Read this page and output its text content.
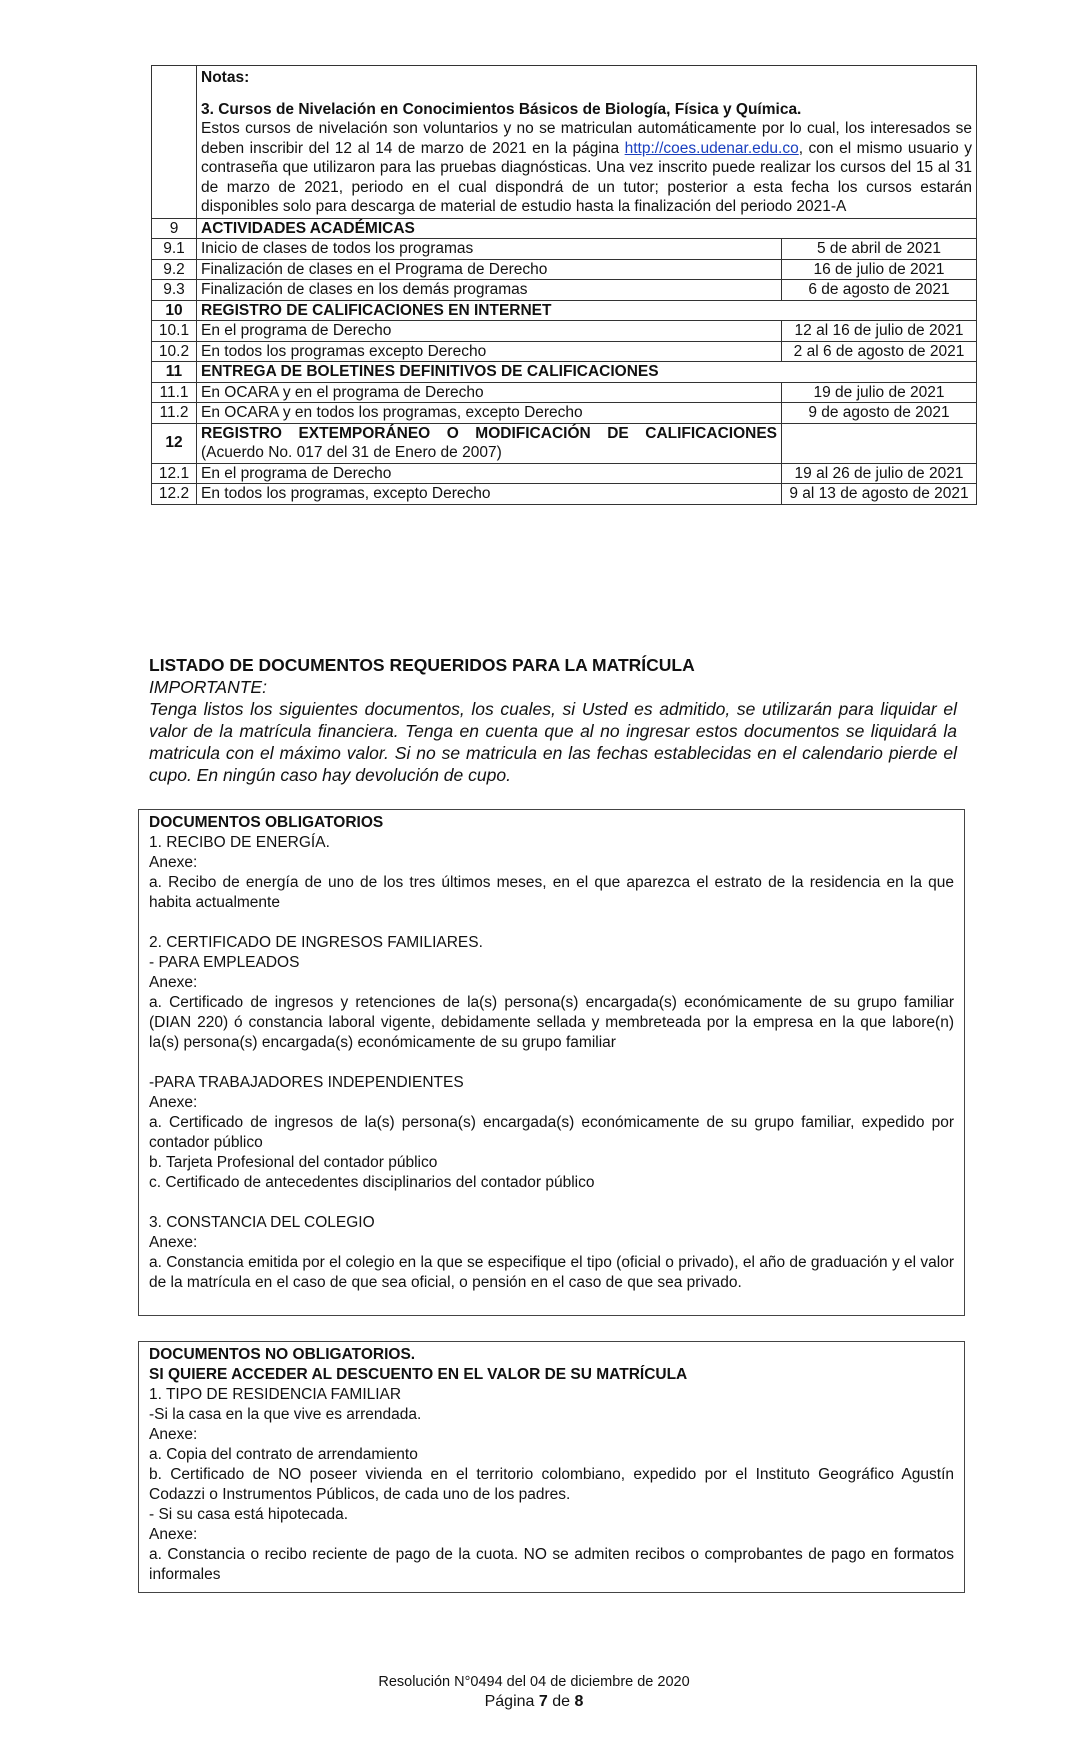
	Notas:
3. Cursos de Nivelación en Conocimientos Básicos de Biología, Física y Química.
Estos cursos de nivelación son voluntarios y no se matriculan automáticamente por lo cual, los interesados se deben inscribir del 12 al 14 de marzo de 2021 en la página http://coes.udenar.edu.co, con el mismo usuario y contraseña que utilizaron para las pruebas diagnósticas. Una vez inscrito puede realizar los cursos del 15 al 31 de marzo de 2021, periodo en el cual dispondrá de un tutor; posterior a esta fecha los cursos estarán disponibles solo para descarga de material de estudio hasta la finalización del periodo 2021-A	

9	ACTIVIDADES ACADÉMICAS	
9.1	Inicio de clases de todos los programas	5 de abril de 2021
9.2	Finalización de clases en el Programa de Derecho	16 de julio de 2021
9.3	Finalización de clases en los demás programas	6 de agosto de 2021
10	REGISTRO DE CALIFICACIONES EN INTERNET	
10.1	En el programa de Derecho	12 al 16 de julio de 2021
10.2	En todos los programas excepto Derecho	2 al 6 de agosto de 2021
11	ENTREGA DE BOLETINES DEFINITIVOS DE CALIFICACIONES	
11.1	En OCARA y en el programa de Derecho	19 de julio de 2021
11.2	En OCARA y en todos los programas, excepto Derecho	9 de agosto de 2021
12	REGISTRO EXTEMPORÁNEO O MODIFICACIÓN DE CALIFICACIONES (Acuerdo No. 017 del 31 de Enero de 2007)	
12.1	En el programa de Derecho	19 al 26 de julio de 2021
12.2	En todos los programas, excepto Derecho	9 al 13 de agosto de 2021
LISTADO DE DOCUMENTOS REQUERIDOS PARA LA MATRÍCULA
IMPORTANTE:
Tenga listos los siguientes documentos, los cuales, si Usted es admitido, se utilizarán para liquidar el valor de la matrícula financiera. Tenga en cuenta que al no ingresar estos documentos se liquidará la matricula con el máximo valor. Si no se matricula en las fechas establecidas en el calendario pierde el cupo. En ningún caso hay devolución de cupo.

DOCUMENTOS OBLIGATORIOS

1. RECIBO DE ENERGÍA.

Anexe:

a. Recibo de energía de uno de los tres últimos meses, en el que aparezca el estrato de la residencia en la que habita actualmente

2. CERTIFICADO DE INGRESOS FAMILIARES.

- PARA EMPLEADOS

Anexe:

a. Certificado de ingresos y retenciones de la(s) persona(s) encargada(s) económicamente de su grupo familiar (DIAN 220) ó constancia laboral vigente, debidamente sellada y membreteada por la empresa en la que labore(n) la(s) persona(s) encargada(s) económicamente de su grupo familiar

-PARA TRABAJADORES INDEPENDIENTES

Anexe:

a. Certificado de ingresos de la(s) persona(s) encargada(s) económicamente de su grupo familiar, expedido por contador público

b. Tarjeta Profesional del contador público

c. Certificado de antecedentes disciplinarios del contador público

3. CONSTANCIA DEL COLEGIO

Anexe:

a. Constancia emitida por el colegio en la que se especifique el tipo (oficial o privado), el año de graduación y el valor de la matrícula en el caso de que sea oficial, o pensión en el caso de que sea privado.

DOCUMENTOS NO OBLIGATORIOS.

SI QUIERE ACCEDER AL DESCUENTO EN EL VALOR DE SU MATRÍCULA

1. TIPO DE RESIDENCIA FAMILIAR

-Si la casa en la que vive es arrendada.

Anexe:

a. Copia del contrato de arrendamiento

b. Certificado de NO poseer vivienda en el territorio colombiano, expedido por el Instituto Geográfico Agustín Codazzi o Instrumentos Públicos, de cada uno de los padres.

- Si su casa está hipotecada.

Anexe:

a. Constancia o recibo reciente de pago de la cuota. NO se admiten recibos o comprobantes de pago en formatos informales

Resolución N°0494 del 04 de diciembre de 2020
Página 7 de 8
